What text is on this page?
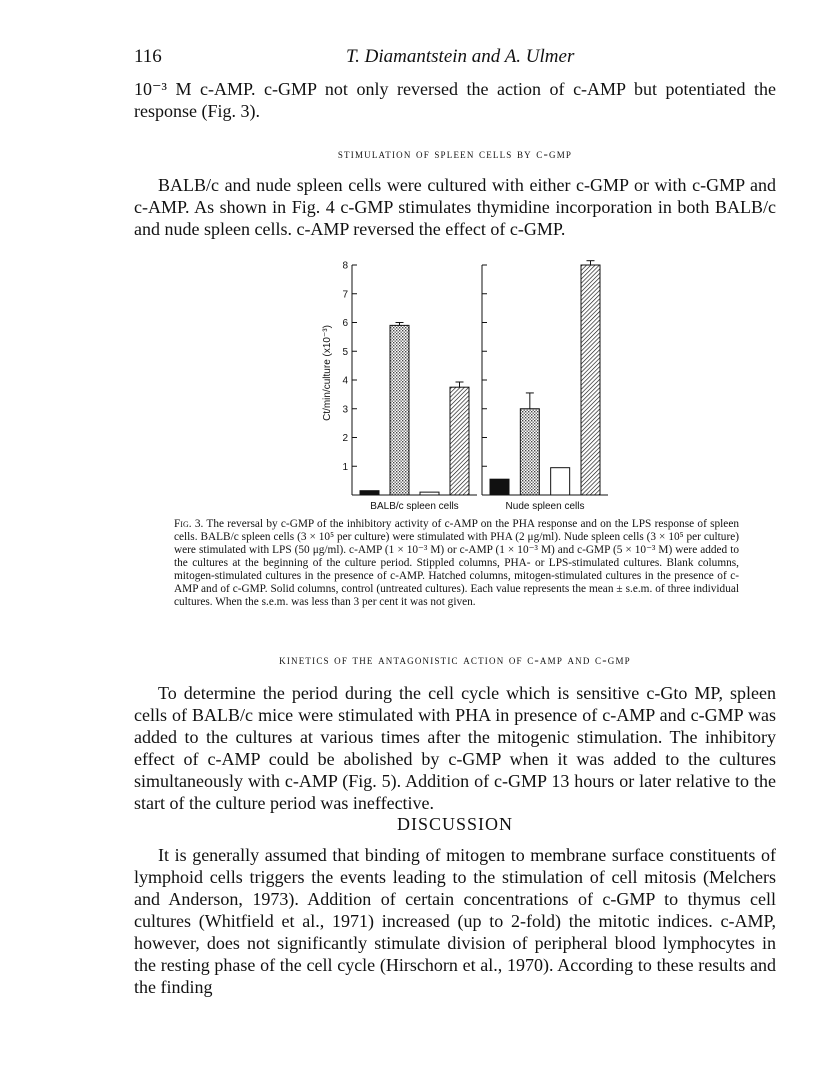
116	T. Diamantstein and A. Ulmer

10⁻³ M c-AMP. c-GMP not only reversed the action of c-AMP but potentiated the response (Fig. 3).

stimulation of spleen cells by c-gmp

BALB/c and nude spleen cells were cultured with either c-GMP or with c-GMP and c-AMP. As shown in Fig. 4 c-GMP stimulates thymidine incorporation in both BALB/c and nude spleen cells. c-AMP reversed the effect of c-GMP.

Ct/min/culture (x10⁻³)
1
2
3
4
5
6
7
8
BALB/c spleen cells	Nude spleen cells

Fig. 3. The reversal by c-GMP of the inhibitory activity of c-AMP on the PHA response and on the LPS response of spleen cells. BALB/c spleen cells (3 × 10⁵ per culture) were stimulated with PHA (2 μg/ml). Nude spleen cells (3 × 10⁵ per culture) were stimulated with LPS (50 μg/ml). c-AMP (1 × 10⁻³ M) or c-AMP (1 × 10⁻³ M) and c-GMP (5 × 10⁻³ M) were added to the cultures at the beginning of the culture period. Stippled columns, PHA- or LPS-stimulated cultures. Blank columns, mitogen-stimulated cultures in the presence of c-AMP. Hatched columns, mitogen-stimulated cultures in the presence of c-AMP and of c-GMP. Solid columns, control (untreated cultures). Each value represents the mean ± s.e.m. of three individual cultures. When the s.e.m. was less than 3 per cent it was not given.

kinetics of the antagonistic action of c-amp and c-gmp

To determine the period during the cell cycle which is sensitive c-Gto MP, spleen cells of BALB/c mice were stimulated with PHA in presence of c-AMP and c-GMP was added to the cultures at various times after the mitogenic stimulation. The inhibitory effect of c-AMP could be abolished by c-GMP when it was added to the cultures simultaneously with c-AMP (Fig. 5). Addition of c-GMP 13 hours or later relative to the start of the culture period was ineffective.

DISCUSSION

It is generally assumed that binding of mitogen to membrane surface constituents of lymphoid cells triggers the events leading to the stimulation of cell mitosis (Melchers and Anderson, 1973). Addition of certain concentrations of c-GMP to thymus cell cultures (Whitfield et al., 1971) increased (up to 2-fold) the mitotic indices. c-AMP, however, does not significantly stimulate division of peripheral blood lymphocytes in the resting phase of the cell cycle (Hirschorn et al., 1970). According to these results and the finding
